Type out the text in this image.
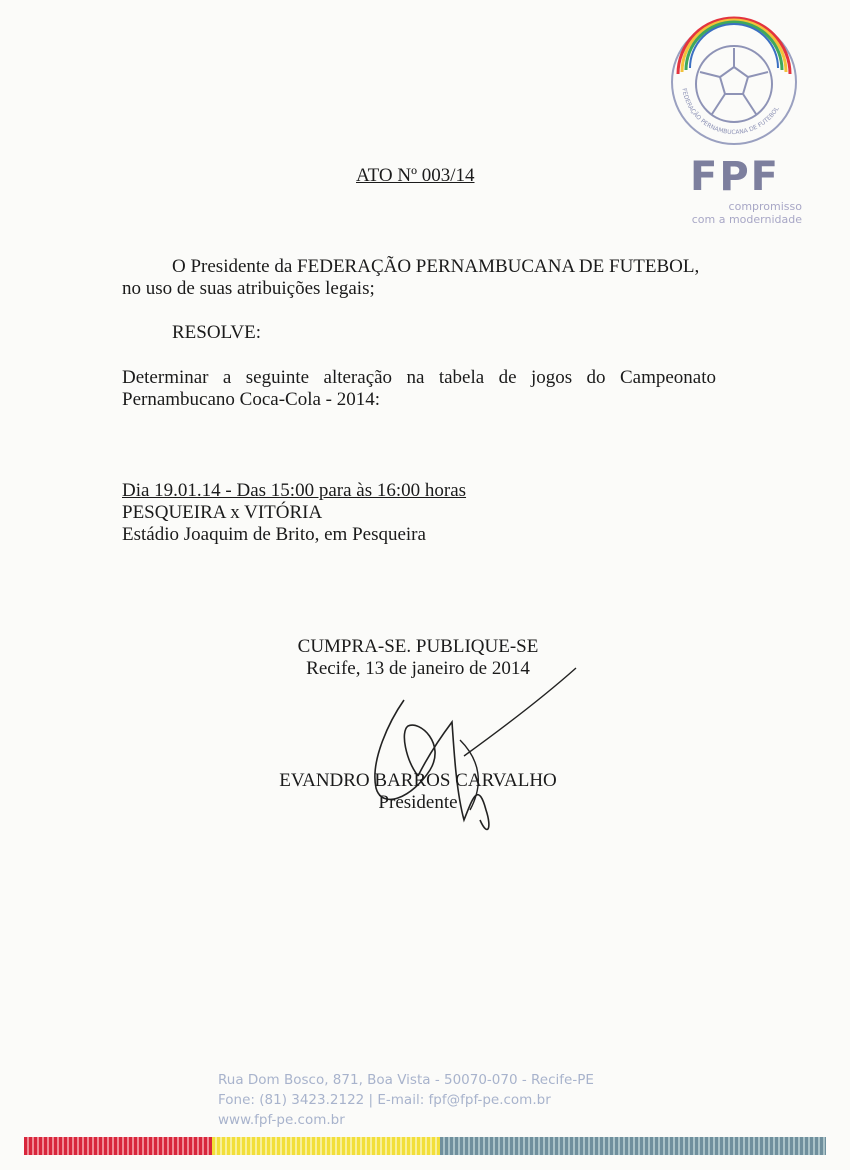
FEDERAÇÃO PERNAMBUCANA DE FUTEBOL
FPF
compromisso
com a modernidade
ATO Nº 003/14
O Presidente da FEDERAÇÃO PERNAMBUCANA DE FUTEBOL,
no uso de suas atribuições legais;
RESOLVE:
Determinar a seguinte alteração na tabela de jogos do Campeonato
Pernambucano Coca-Cola - 2014:
Dia 19.01.14 - Das 15:00 para às 16:00 horas
PESQUEIRA x VITÓRIA
Estádio Joaquim de Brito, em Pesqueira
CUMPRA-SE. PUBLIQUE-SE
Recife, 13 de janeiro de 2014
EVANDRO BARROS CARVALHO
Presidente
Rua Dom Bosco, 871, Boa Vista - 50070-070 - Recife-PE
Fone: (81) 3423.2122 | E-mail: fpf@fpf-pe.com.br
www.fpf-pe.com.br
